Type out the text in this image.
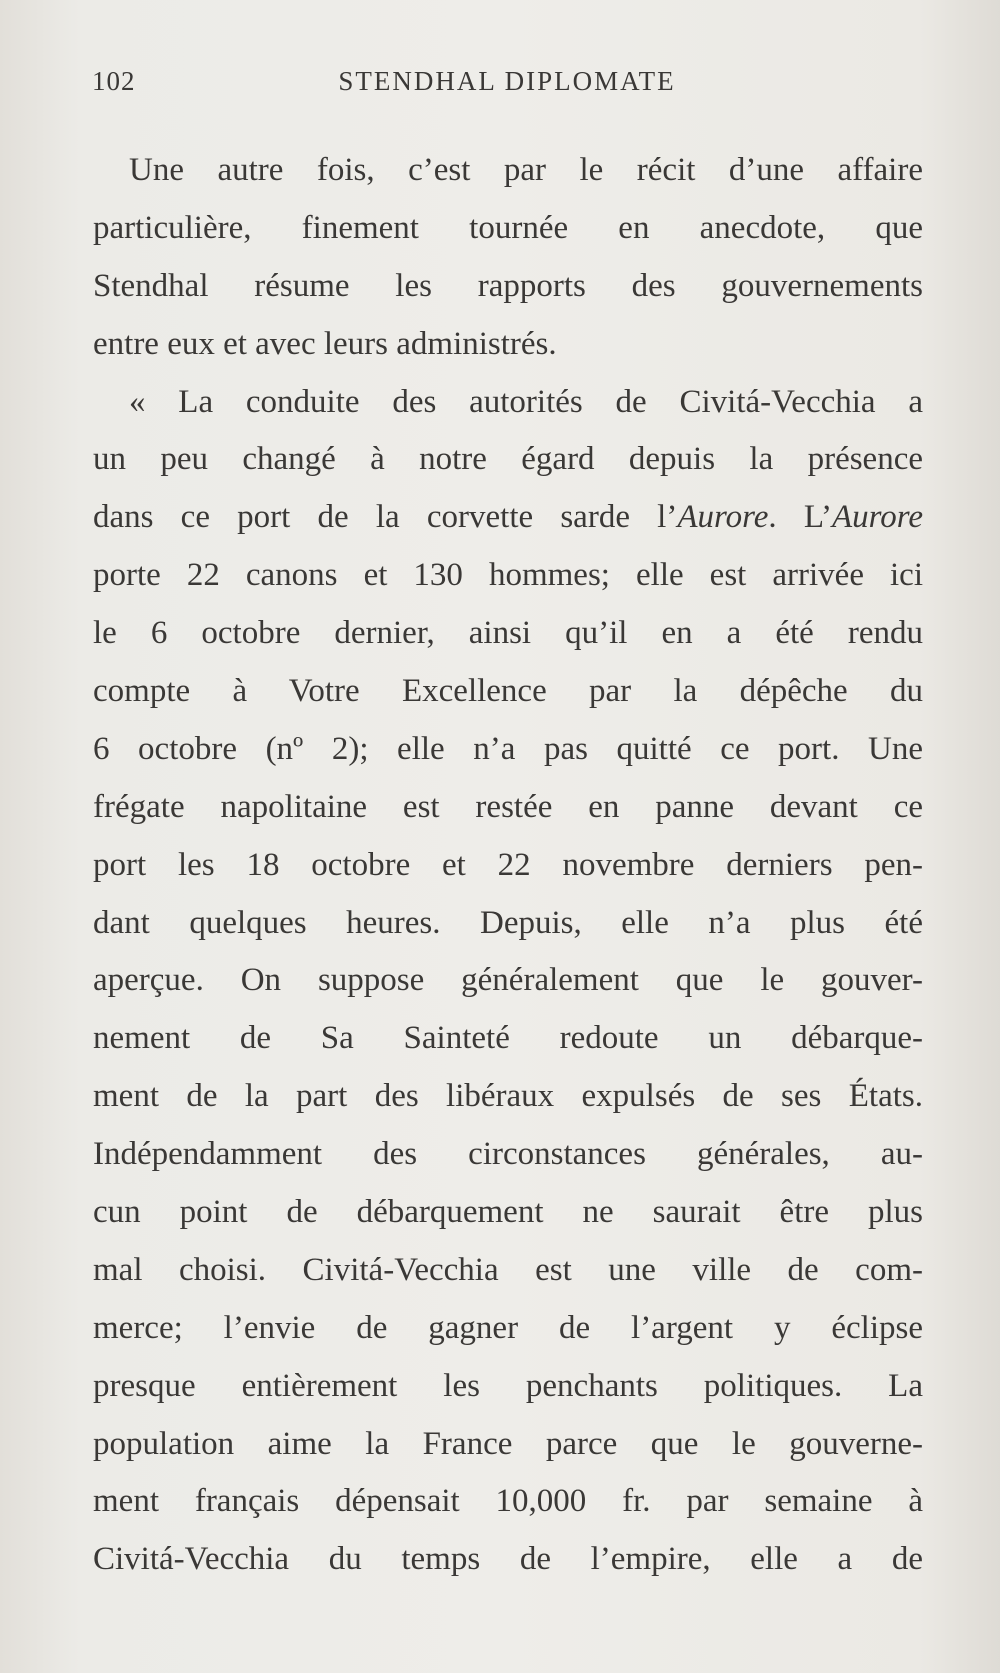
102	STENDHAL DIPLOMATE
Une autre fois, c’est par le récit d’une affaire
particulière, finement tournée en anecdote, que
Stendhal résume les rapports des gouvernements
entre eux et avec leurs administrés.
« La conduite des autorités de Civitá-Vecchia a
un peu changé à notre égard depuis la présence
dans ce port de la corvette sarde l’Aurore. L’Aurore
porte 22 canons et 130 hommes; elle est arrivée ici
le 6 octobre dernier, ainsi qu’il en a été rendu
compte à Votre Excellence par la dépêche du
6 octobre (nº 2); elle n’a pas quitté ce port. Une
frégate napolitaine est restée en panne devant ce
port les 18 octobre et 22 novembre derniers pen-
dant quelques heures. Depuis, elle n’a plus été
aperçue. On suppose généralement que le gouver-
nement de Sa Sainteté redoute un débarque-
ment de la part des libéraux expulsés de ses États.
Indépendamment des circonstances générales, au-
cun point de débarquement ne saurait être plus
mal choisi. Civitá-Vecchia est une ville de com-
merce; l’envie de gagner de l’argent y éclipse
presque entièrement les penchants politiques. La
population aime la France parce que le gouverne-
ment français dépensait 10,000 fr. par semaine à
Civitá-Vecchia du temps de l’empire, elle a de
